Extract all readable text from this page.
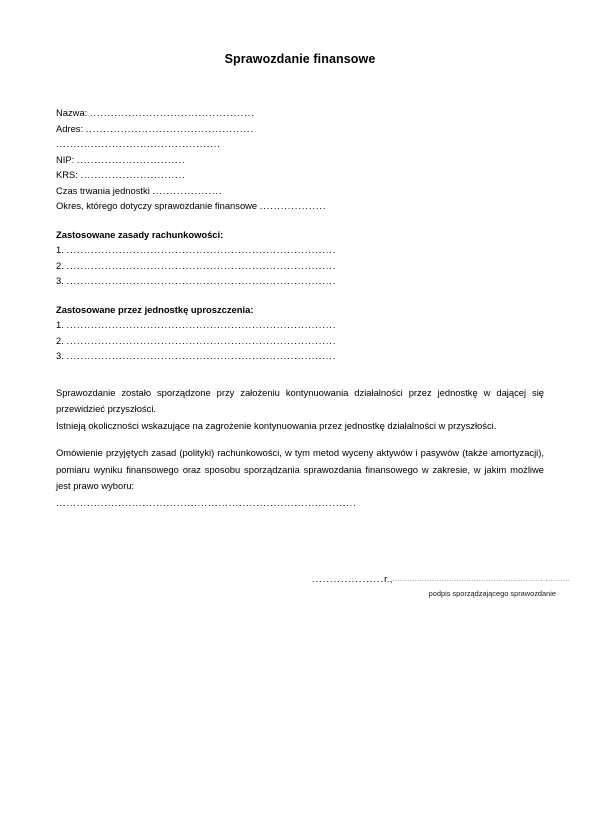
Sprawozdanie finansowe
Nazwa: ...............................................
Adres: ................................................
...............................................
NIP: ...............................
KRS: ..............................
Czas trwania jednostki ....................
Okres, którego dotyczy sprawozdanie finansowe ...................
Zastosowane zasady rachunkowości:
1. .............................................................................
2. .............................................................................
3. .............................................................................
Zastosowane przez jednostkę uproszczenia:
1. .............................................................................
2. .............................................................................
3. .............................................................................
Sprawozdanie zostało sporządzone przy założeniu kontynuowania działalności przez jednostkę w dającej się przewidzieć przyszłości.
Istnieją okoliczności wskazujące na zagrożenie kontynuowania przez jednostkę działalności w przyszłości.
Omówienie przyjętych zasad (polityki) rachunkowości, w tym metod wyceny aktywów i pasywów (także amortyzacji), pomiaru wyniku finansowego oraz sposobu sporządzania sprawozdania finansowego w zakresie, w jakim możliwe jest prawo wyboru:
.......................................................................................
....................r.,........................................................................
podpis sporządzającego sprawozdanie
